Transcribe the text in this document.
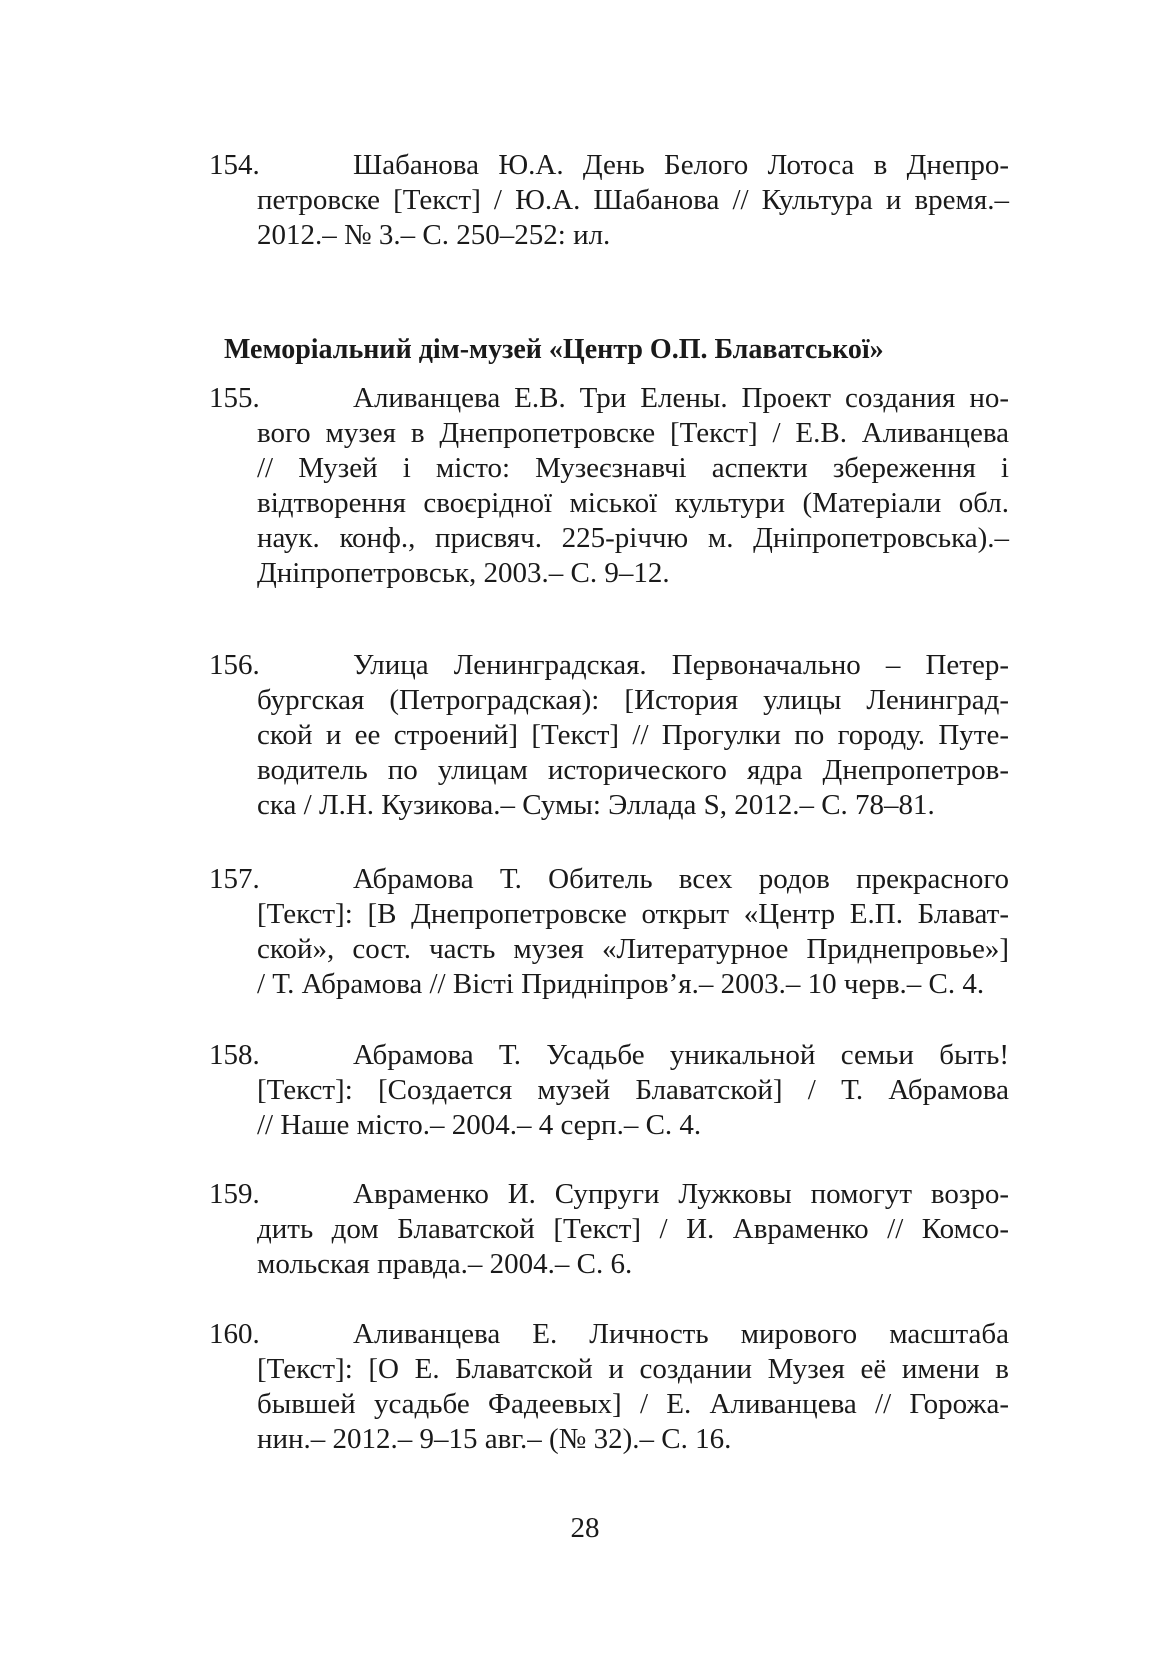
154.	Шабанова Ю.А. День Белого Лотоса в Днепро-
петровске [Текст] / Ю.А. Шабанова // Культура и время.–
2012.– № 3.– С. 250–252: ил.
Меморіальний дім-музей «Центр О.П. Блаватської»
155.	Аливанцева Е.В. Три Елены. Проект создания но-
вого музея в Днепропетровске [Текст] / Е.В. Аливанцева
// Музей і місто: Музеєзнавчі аспекти збереження і
відтворення своєрідної міської культури (Матеріали обл.
наук. конф., присвяч. 225-річчю м. Дніпропетровська).–
Дніпропетровськ, 2003.– С. 9–12.
156.	Улица Ленинградская. Первоначально – Петер-
бургская (Петроградская): [История улицы Ленинград-
ской и ее строений] [Текст] // Прогулки по городу. Путе-
водитель по улицам исторического ядра Днепропетров-
ска / Л.Н. Кузикова.– Сумы: Эллада S, 2012.– С. 78–81.
157.	Абрамова Т. Обитель всех родов прекрасного
[Текст]: [В Днепропетровске открыт «Центр Е.П. Блават-
ской», сост. часть музея «Литературное Приднепровье»]
/ Т. Абрамова // Вісті Придніпров’я.– 2003.– 10 черв.– С. 4.
158.	Абрамова Т. Усадьбе уникальной семьи быть!
[Текст]: [Создается музей Блаватской] / Т. Абрамова
// Наше місто.– 2004.– 4 серп.– С. 4.
159.	Авраменко И. Супруги Лужковы помогут возро-
дить дом Блаватской [Текст] / И. Авраменко // Комсо-
мольская правда.– 2004.– С. 6.
160.	Аливанцева Е. Личность мирового масштаба
[Текст]: [О Е. Блаватской и создании Музея её имени в
бывшей усадьбе Фадеевых] / Е. Аливанцева // Горожа-
нин.– 2012.– 9–15 авг.– (№ 32).– С. 16.
28
